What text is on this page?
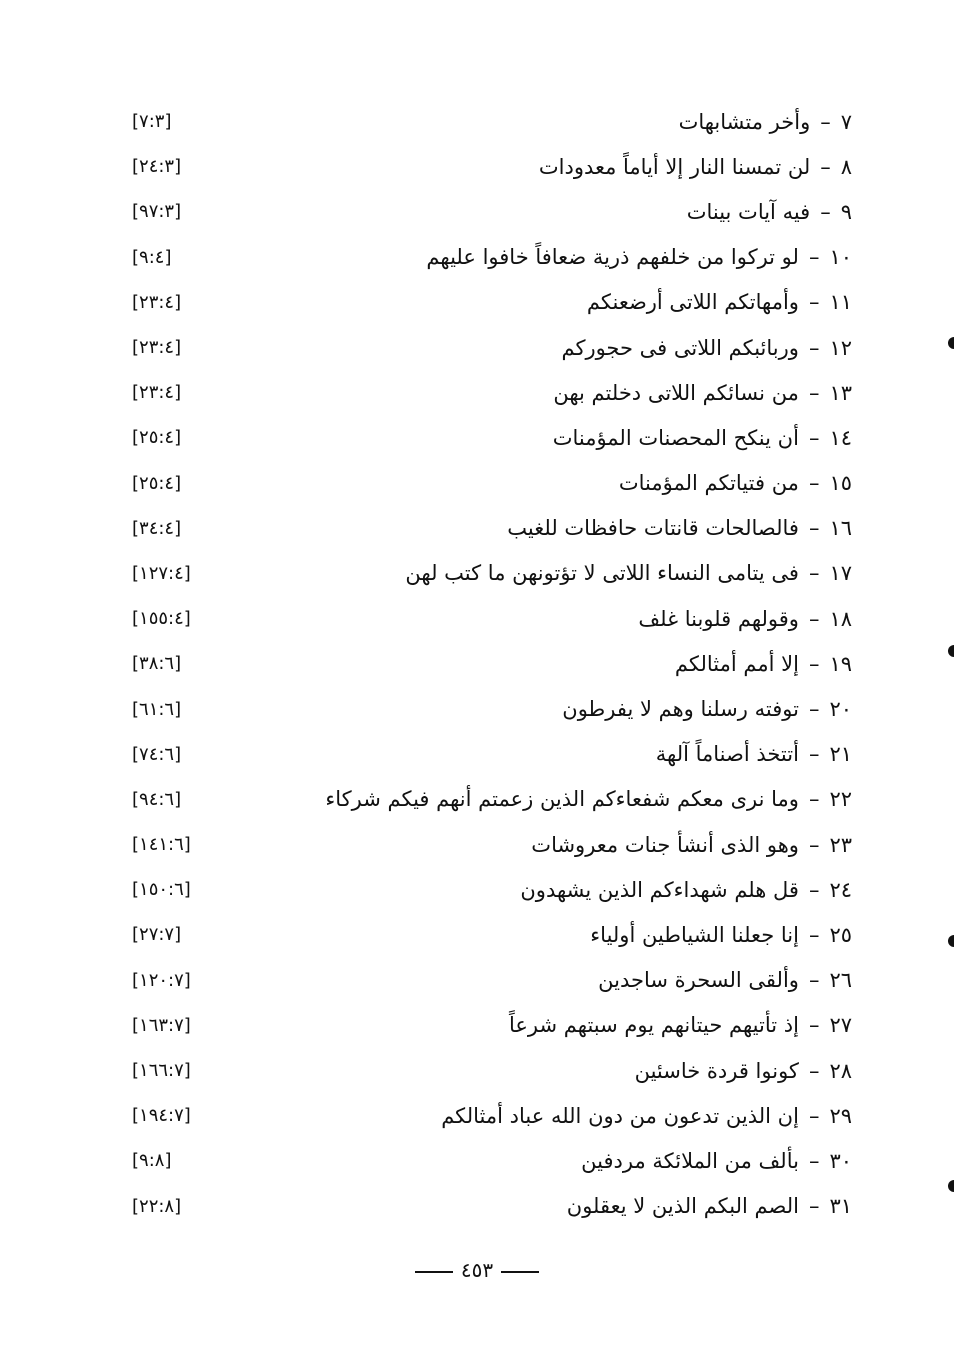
[٧:٣]	٧–وأخر متشابهات
[٢٤:٣]	٨–لن تمسنا النار إلا أياماً معدودات
[٩٧:٣]	٩–فيه آيات بينات
[٩:٤]	١٠–لو تركوا من خلفهم ذرية ضعافاً خافوا عليهم
[٢٣:٤]	١١–وأمهاتكم اللاتى أرضعنكم
[٢٣:٤]	١٢–وربائبكم اللاتى فى حجوركم
[٢٣:٤]	١٣–من نسائكم اللاتى دخلتم بهن
[٢٥:٤]	١٤–أن ينكح المحصنات المؤمنات
[٢٥:٤]	١٥–من فتياتكم المؤمنات
[٣٤:٤]	١٦–فالصالحات قانتات حافظات للغيب
[١٢٧:٤]	١٧–فى يتامى النساء اللاتى لا تؤتونهن ما كتب لهن
[١٥٥:٤]	١٨–وقولهم قلوبنا غلف
[٣٨:٦]	١٩–إلا أمم أمثالكم
[٦١:٦]	٢٠–توفته رسلنا وهم لا يفرطون
[٧٤:٦]	٢١–أتتخذ أصناماً آلهة
[٩٤:٦]	٢٢–وما نرى معكم شفعاءكم الذين زعمتم أنهم فيكم شركاء
[١٤١:٦]	٢٣–وهو الذى أنشأ جنات معروشات
[١٥٠:٦]	٢٤–قل هلم شهداءكم الذين يشهدون
[٢٧:٧]	٢٥–إنا جعلنا الشياطين أولياء
[١٢٠:٧]	٢٦–وألقى السحرة ساجدين
[١٦٣:٧]	٢٧–إذ تأتيهم حيتانهم يوم سبتهم شرعاً
[١٦٦:٧]	٢٨–كونوا قردة خاسئين
[١٩٤:٧]	٢٩–إن الذين تدعون من دون الله عباد أمثالكم
[٩:٨]	٣٠–بألف من الملائكة مردفين
[٢٢:٨]	٣١–الصم البكم الذين لا يعقلون
٤٥٣
